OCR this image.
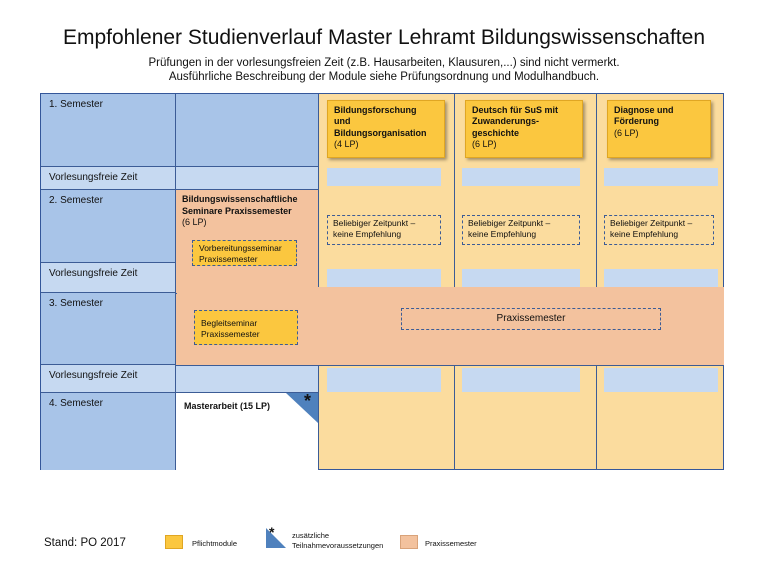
Empfohlener Studienverlauf Master Lehramt Bildungswissenschaften
Prüfungen in der vorlesungsfreien Zeit (z.B. Hausarbeiten, Klausuren,...) sind nicht vermerkt.
Ausführliche Beschreibung der Module siehe Prüfungsordnung und Modulhandbuch.
1. Semester
Vorlesungsfreie Zeit
2. Semester
Vorlesungsfreie Zeit
3. Semester
Vorlesungsfreie Zeit
4. Semester
Bildungsforschung
und
Bildungsorganisation
(4 LP)
Deutsch für SuS mit
Zuwanderungs-
geschichte
(6 LP)
Diagnose und
Förderung
(6 LP)
Beliebiger Zeitpunkt –
keine Empfehlung
Beliebiger Zeitpunkt –
keine Empfehlung
Beliebiger Zeitpunkt –
keine Empfehlung
Bildungswissenschaftliche
Seminare Praxissemester
(6 LP)
Vorbereitungsseminar
Praxissemester
Begleitseminar
Praxissemester
Praxissemester
Masterarbeit (15 LP) *
Stand: PO 2017	Pflichtmodule
* zusätzliche
Teilnahmevoraussetzungen	Praxissemester
